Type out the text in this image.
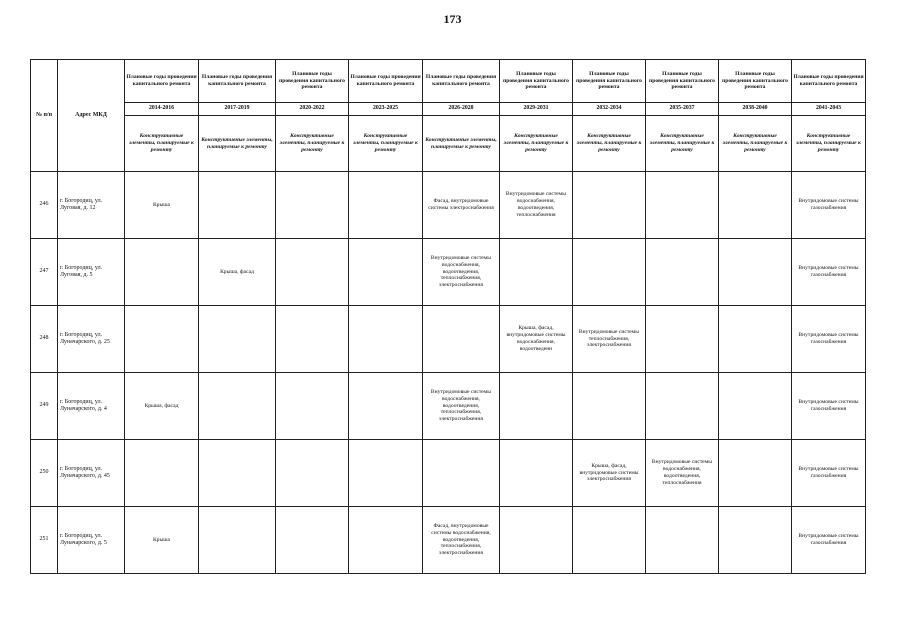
173
№ п/п	Адрес МКД	Плановые годы проведения капитального ремонта	Плановые годы проведения капитального ремонта	Плановые годы проведения капитального ремонта	Плановые годы проведения капитального ремонта	Плановые годы проведения капитального ремонта	Плановые годы проведения капитального ремонта	Плановые годы проведения капитального ремонта	Плановые годы проведения капитального ремонта	Плановые годы проведения капитального ремонта	Плановые годы проведения капитального ремонта
		2014-2016	2017-2019	2020-2022	2023-2025	2026-2028	2029-2031	2032-2034	2035-2037	2038-2040	2041-2043
		Конструктивные элементы, планируемые к ремонту	Конструктивные элементы, планируемые к ремонту	Конструктивные элементы, планируемые к ремонту	Конструктивные элементы, планируемые к ремонту	Конструктивные элементы, планируемые к ремонту	Конструктивные элементы, планируемые к ремонту	Конструктивные элементы, планируемые к ремонту	Конструктивные элементы, планируемые к ремонту	Конструктивные элементы, планируемые к ремонту	Конструктивные элементы, планируемые к ремонту
246	г. Богородиц, ул. Луговая, д. 12	Крыша				Фасад, внутридомовые системы электроснабжения	Внутридомовые системы водоснабжения, водоотведения, теплоснабжения				Внутридомовые системы газоснабжения
247	г. Богородиц, ул. Луговая, д. 5		Крыша, фасад			Внутридомовые системы водоснабжения, водоотведения, теплоснабжения, электроснабжения					Внутридомовые системы газоснабжения
248	г. Богородиц, ул. Луначарского, д. 25						Крыша, фасад, внутридомовые системы водоснабжения, водоотведени	Внутридомовые системы теплоснабжения, электроснабжения			Внутридомовые системы газоснабжения
249	г. Богородиц, ул. Луначарского, д. 4	Крыша, фасад				Внутридомовые системы водоснабжения, водоотведения, теплоснабжения, электроснабжения					Внутридомовые системы газоснабжения
250	г. Богородиц, ул. Луначарского, д. 45							Крыша, фасад, внутридомовые системы электроснабжения	Внутридомовые системы водоснабжения, водоотведения, теплоснабжения		Внутридомовые системы газоснабжения
251	г. Богородиц, ул. Луначарского, д. 5	Крыша				Фасад, внутридомовые системы водоснабжения, водоотведения, теплоснабжения, электроснабжения					Внутридомовые системы газоснабжения
